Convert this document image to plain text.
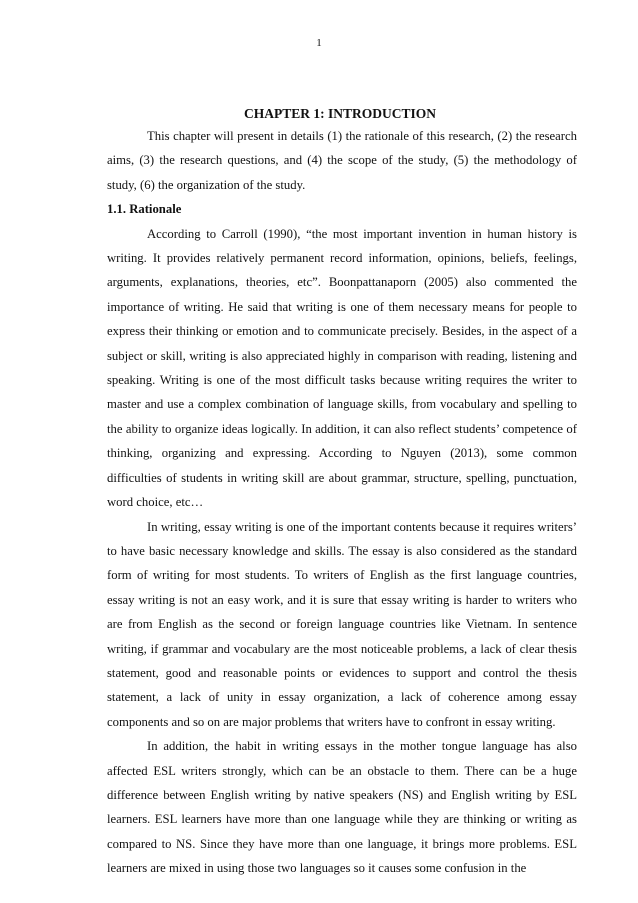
1
CHAPTER 1: INTRODUCTION

This chapter will present in details (1) the rationale of this research, (2) the research aims, (3) the research questions, and (4) the scope of the study, (5) the methodology of study, (6) the organization of the study.

1.1. Rationale

According to Carroll (1990), “the most important invention in human history is writing. It provides relatively permanent record information, opinions, beliefs, feelings, arguments, explanations, theories, etc”. Boonpattanaporn (2005) also commented the importance of writing. He said that writing is one of them necessary means for people to express their thinking or emotion and to communicate precisely. Besides, in the aspect of a subject or skill, writing is also appreciated highly in comparison with reading, listening and speaking. Writing is one of the most difficult tasks because writing requires the writer to master and use a complex combination of language skills, from vocabulary and spelling to the ability to organize ideas logically. In addition, it can also reflect students’ competence of thinking, organizing and expressing. According to Nguyen (2013), some common difficulties of students in writing skill are about grammar, structure, spelling, punctuation, word choice, etc…

In writing, essay writing is one of the important contents because it requires writers’ to have basic necessary knowledge and skills. The essay is also considered as the standard form of writing for most students. To writers of English as the first language countries, essay writing is not an easy work, and it is sure that essay writing is harder to writers who are from English as the second or foreign language countries like Vietnam. In sentence writing, if grammar and vocabulary are the most noticeable problems, a lack of clear thesis statement, good and reasonable points or evidences to support and control the thesis statement, a lack of unity in essay organization, a lack of coherence among essay components and so on are major problems that writers have to confront in essay writing.

In addition, the habit in writing essays in the mother tongue language has also affected ESL writers strongly, which can be an obstacle to them. There can be a huge difference between English writing by native speakers (NS) and English writing by ESL learners. ESL learners have more than one language while they are thinking or writing as compared to NS. Since they have more than one language, it brings more problems. ESL learners are mixed in using those two languages so it causes some confusion in the
